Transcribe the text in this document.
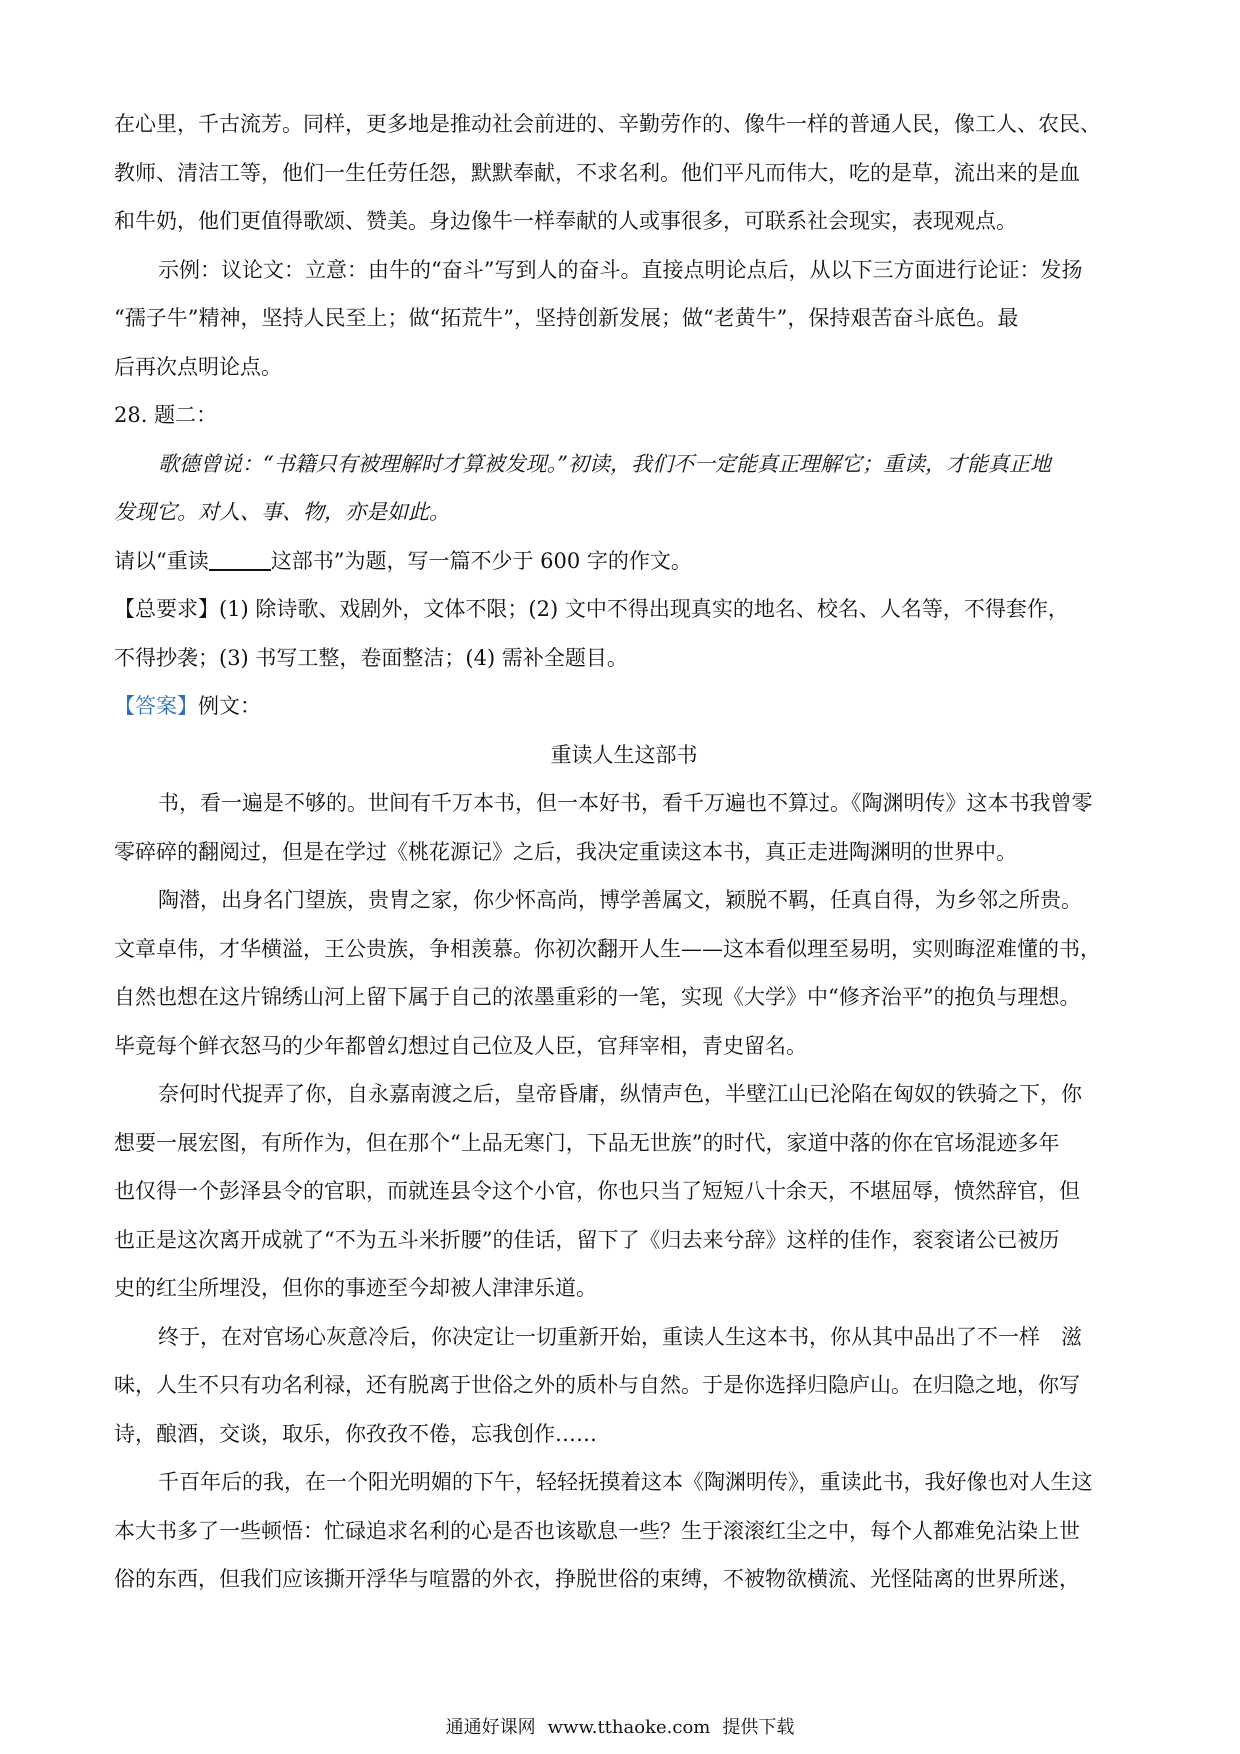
在心里，千古流芳。同样，更多地是推动社会前进的、辛勤劳作的、像牛一样的普通人民，像工人、农民、
教师、清洁工等，他们一生任劳任怨，默默奉献，不求名利。他们平凡而伟大，吃的是草，流出来的是血
和牛奶，他们更值得歌颂、赞美。身边像牛一样奉献的人或事很多，可联系社会现实，表现观点。
示例：议论文：立意：由牛的“奋斗”写到人的奋斗。直接点明论点后，从以下三方面进行论证：发扬
“孺子牛”精神，坚持人民至上；做“拓荒牛”，坚持创新发展；做“老黄牛”，保持艰苦奋斗底色。最
后再次点明论点。
28. 题二：
歌德曾说：“书籍只有被理解时才算被发现。”初读，我们不一定能真正理解它；重读，才能真正地
发现它。对人、事、物，亦是如此。
请以“重读	这部书”为题，写一篇不少于 600 字的作文。
【总要求】(1) 除诗歌、戏剧外，文体不限；(2) 文中不得出现真实的地名、校名、人名等，不得套作，
不得抄袭；(3) 书写工整，卷面整洁；(4) 需补全题目。
【答案】例文：
重读人生这部书
书，看一遍是不够的。世间有千万本书，但一本好书，看千万遍也不算过。《陶渊明传》这本书我曾零
零碎碎的翻阅过，但是在学过《桃花源记》之后，我决定重读这本书，真正走进陶渊明的世界中。
陶潜，出身名门望族，贵胄之家，你少怀高尚，博学善属文，颖脱不羁，任真自得，为乡邻之所贵。
文章卓伟，才华横溢，王公贵族，争相羡慕。你初次翻开人生——这本看似理至易明，实则晦涩难懂的书，
自然也想在这片锦绣山河上留下属于自己的浓墨重彩的一笔，实现《大学》中“修齐治平”的抱负与理想。
毕竟每个鲜衣怒马的少年都曾幻想过自己位及人臣，官拜宰相，青史留名。
奈何时代捉弄了你，自永嘉南渡之后，皇帝昏庸，纵情声色，半壁江山已沦陷在匈奴的铁骑之下，你
想要一展宏图，有所作为，但在那个“上品无寒门，下品无世族”的时代，家道中落的你在官场混迹多年
也仅得一个彭泽县令的官职，而就连县令这个小官，你也只当了短短八十余天，不堪屈辱，愤然辞官，但
也正是这次离开成就了“不为五斗米折腰”的佳话，留下了《归去来兮辞》这样的佳作，衮衮诸公已被历
史的红尘所埋没，但你的事迹至今却被人津津乐道。
终于，在对官场心灰意冷后，你决定让一切重新开始，重读人生这本书，你从其中品出了不一样　滋
味，人生不只有功名利禄，还有脱离于世俗之外的质朴与自然。于是你选择归隐庐山。在归隐之地，你写
诗，酿酒，交谈，取乐，你孜孜不倦，忘我创作……
千百年后的我，在一个阳光明媚的下午，轻轻抚摸着这本《陶渊明传》，重读此书，我好像也对人生这
本大书多了一些顿悟：忙碌追求名利的心是否也该歇息一些？生于滚滚红尘之中，每个人都难免沾染上世
俗的东西，但我们应该撕开浮华与喧嚣的外衣，挣脱世俗的束缚，不被物欲横流、光怪陆离的世界所迷，
通通好课网 www.tthaoke.com 提供下载
